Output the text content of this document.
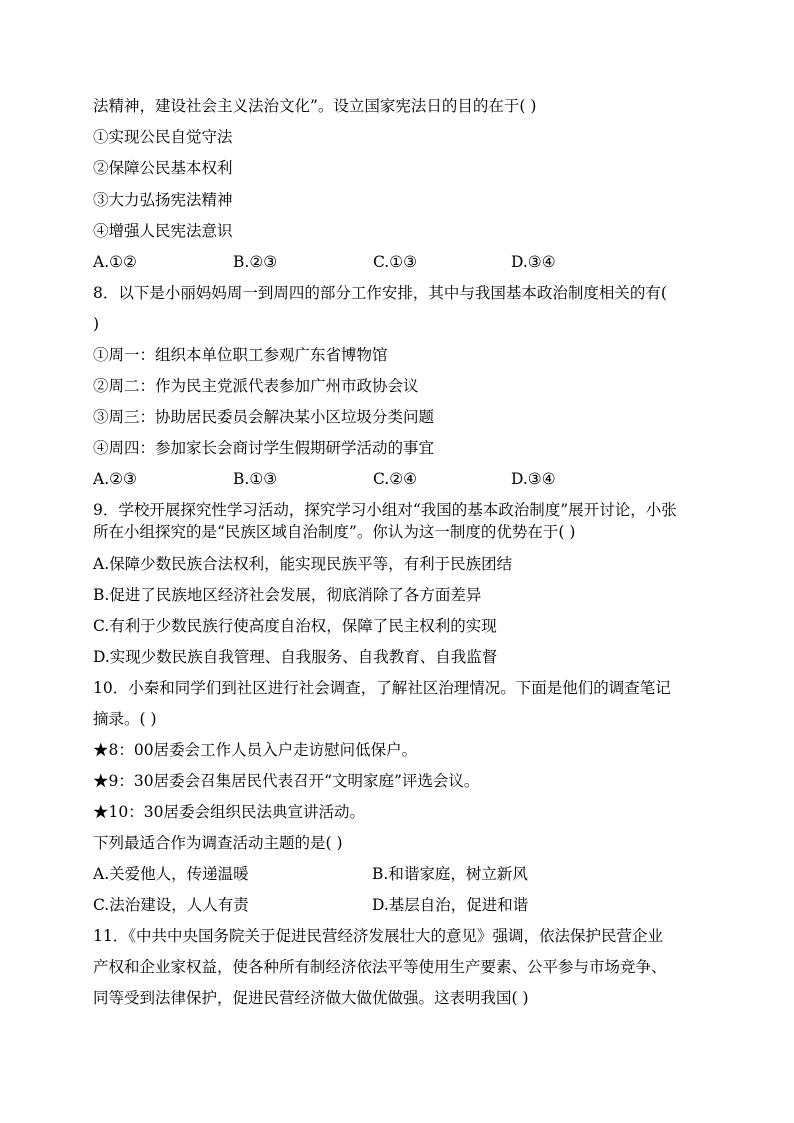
法精神，建设社会主义法治文化”。设立国家宪法日的目的在于( )
①实现公民自觉守法
②保障公民基本权利
③大力弘扬宪法精神
④增强人民宪法意识
A.①②	B.②③	C.①③	D.③④
8．以下是小丽妈妈周一到周四的部分工作安排，其中与我国基本政治制度相关的有(
)
①周一：组织本单位职工参观广东省博物馆
②周二：作为民主党派代表参加广州市政协会议
③周三：协助居民委员会解决某小区垃圾分类问题
④周四：参加家长会商讨学生假期研学活动的事宜
A.②③	B.①③	C.②④	D.③④
9．学校开展探究性学习活动，探究学习小组对“我国的基本政治制度”展开讨论，小张
所在小组探究的是“民族区域自治制度”。你认为这一制度的优势在于( )
A.保障少数民族合法权利，能实现民族平等，有利于民族团结
B.促进了民族地区经济社会发展，彻底消除了各方面差异
C.有利于少数民族行使高度自治权，保障了民主权利的实现
D.实现少数民族自我管理、自我服务、自我教育、自我监督
10．小秦和同学们到社区进行社会调查，了解社区治理情况。下面是他们的调查笔记
摘录。( )
★8：00居委会工作人员入户走访慰问低保户。
★9：30居委会召集居民代表召开“文明家庭”评选会议。
★10：30居委会组织民法典宣讲活动。
下列最适合作为调查活动主题的是( )
A.关爱他人，传递温暖	B.和谐家庭，树立新风
C.法治建设，人人有责	D.基层自治，促进和谐
11．《中共中央国务院关于促进民营经济发展壮大的意见》强调，依法保护民营企业
产权和企业家权益，使各种所有制经济依法平等使用生产要素、公平参与市场竞争、
同等受到法律保护，促进民营经济做大做优做强。这表明我国( )
